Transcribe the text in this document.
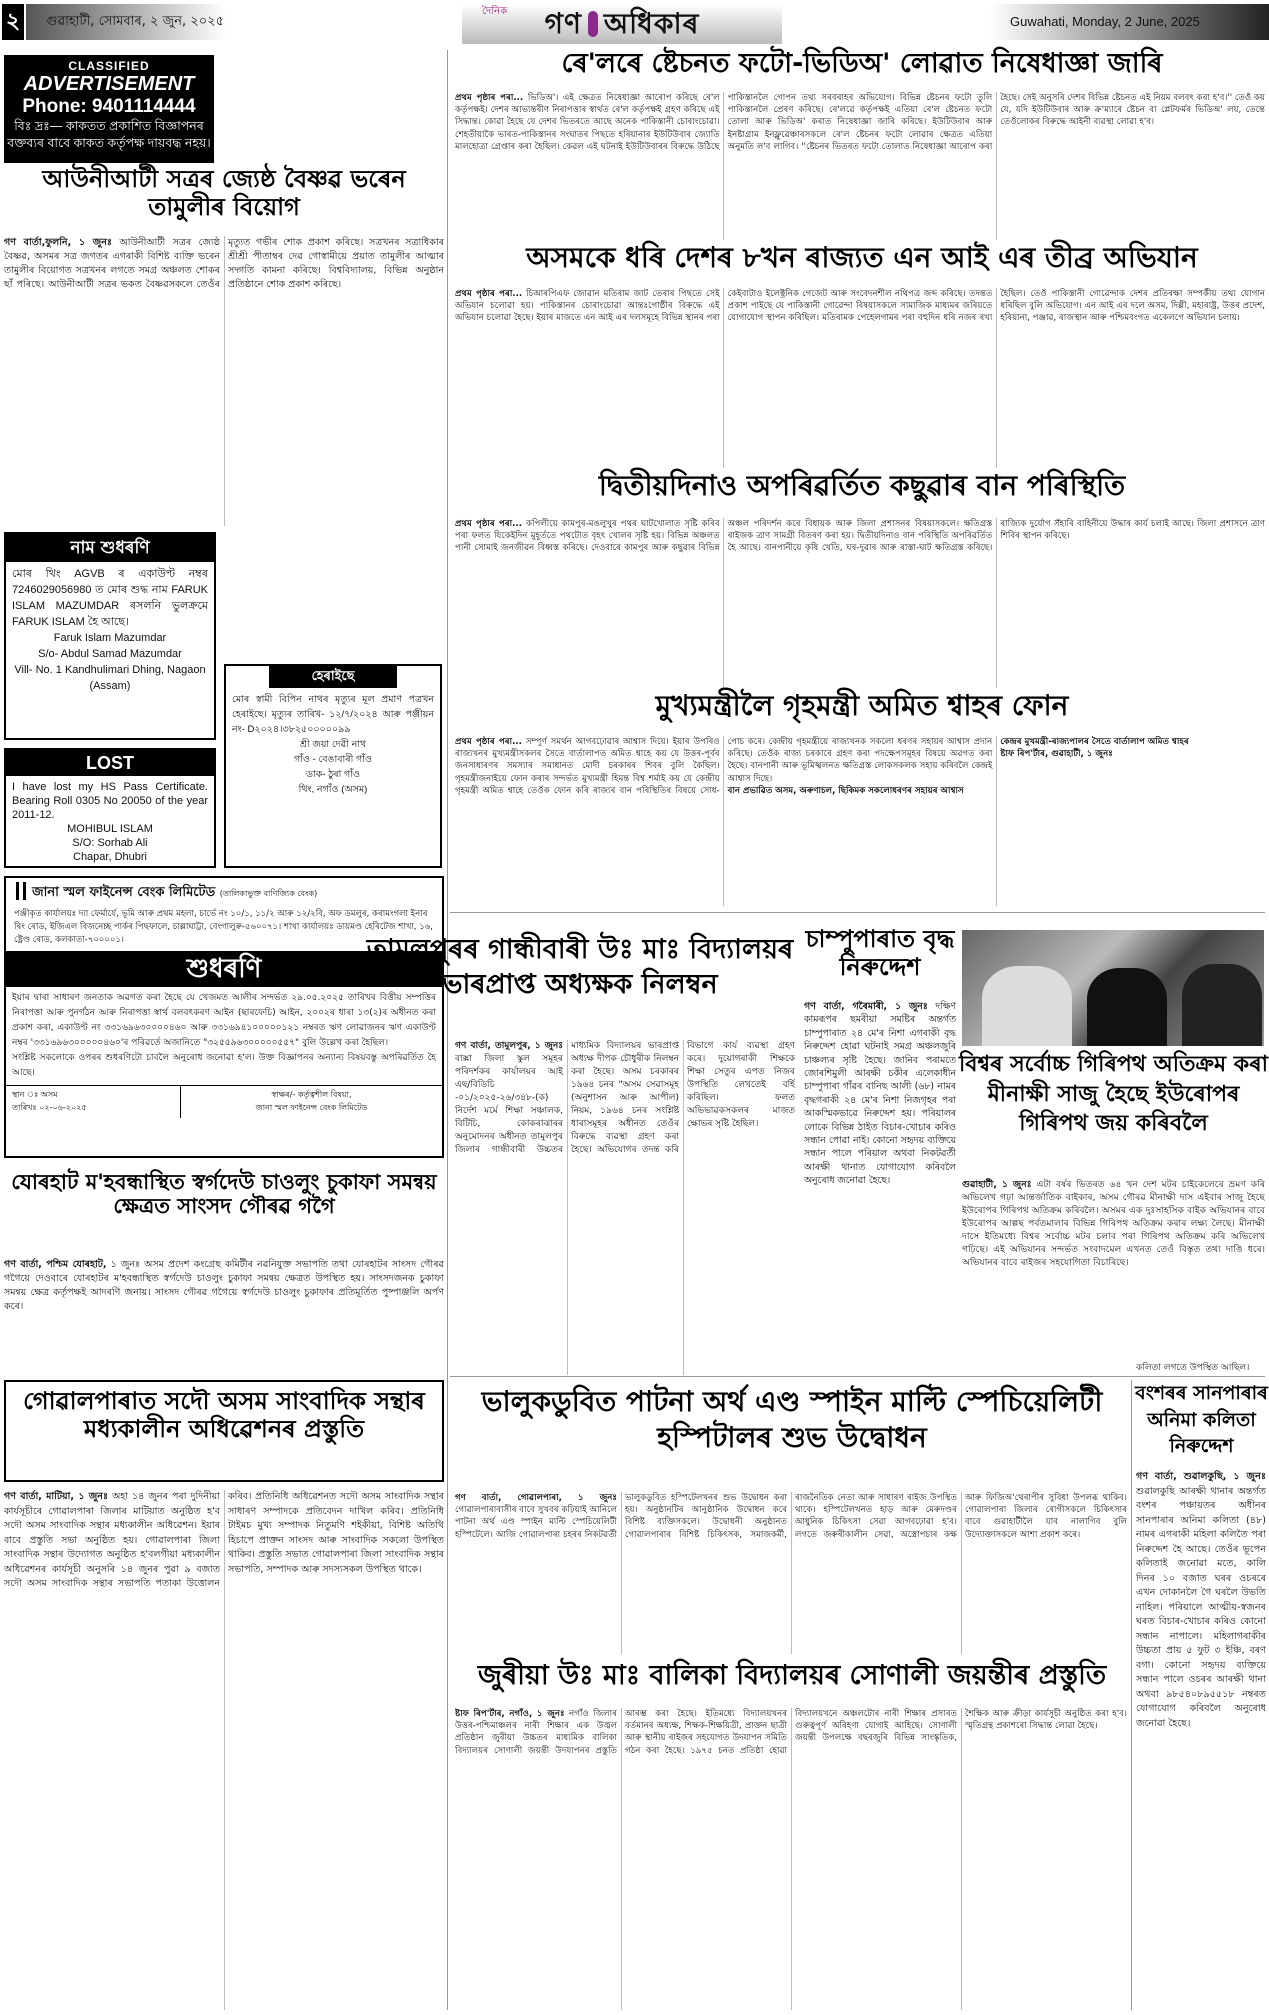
২	গুৱাহাটী, সোমবাৰ, ২ জুন, ২০২৫
দৈনিক গণ অধিকাৰ	Guwahati, Monday, 2 June, 2025
CLASSIFIED
ADVERTISEMENT
Phone: 9401114444
বিঃ দ্ৰঃ— কাকতত প্ৰকাশিত বিজ্ঞাপনৰ বক্তব্যৰ বাবে কাকত কৰ্তৃপক্ষ দায়বদ্ধ নহয়।
আউনীআটী সত্ৰৰ জ্যেষ্ঠ বৈষ্ণৱ ভৰেন তামুলীৰ বিয়োগ
গণ বাৰ্তা,ফুলনি, ১ জুনঃ আউনীআটী সত্ৰৰ জ্যেষ্ঠ বৈষ্ণৱ, অসমৰ সত্ৰ জগতৰ এগৰাকী বিশিষ্ট ব্যক্তি ভৰেন তামুলীৰ বিয়োগত সত্ৰখনৰ লগতে সমগ্ৰ অঞ্চলত শোকৰ ছাঁ পৰিছে। আউনীআটী সত্ৰৰ ভকত বৈষ্ণৱসকলে তেওঁৰ মৃত্যুত গভীৰ শোক প্ৰকাশ কৰিছে। সত্ৰখনৰ সত্ৰাধিকাৰ শ্ৰীশ্ৰী পীতাম্বৰ দেৱ গোস্বামীয়ে প্ৰয়াত তামুলীৰ আত্মাৰ সদ্গতি কামনা কৰিছে। বিশ্ববিদ্যালয়, বিভিন্ন অনুষ্ঠান প্ৰতিষ্ঠানে শোক প্ৰকাশ কৰিছে।
নাম শুধৰণি
মোৰ থিং AGVB ৰ একাউণ্ট নম্বৰ 7246029056980 ত মোৰ শুদ্ধ নাম FARUK ISLAM MAZUMDAR ৰসলনি ভুলক্ৰমে FARUK ISLAM হৈ আছে।
Faruk Islam Mazumdar
S/o- Abdul Samad Mazumdar
Vill- No. 1 Kandhulimari Dhing, Nagaon (Assam)
LOST
I have lost my HS Pass Certificate. Bearing Roll 0305 No 20050 of the year 2011-12.
MOHIBUL ISLAM
S/O: Sorhab Ali
Chapar, Dhubri
হেৰাইছে
মোৰ স্বামী বিপিন নাথৰ মৃত্যুৰ মূল প্ৰমাণ পত্ৰখন হেৰাইছে। মৃত্যুৰ তাৰিখ- ১২/৭/২০২৪ আৰু পঞ্জীয়ন নং- D২০২৪।৩৮২৫০০০০০৯৯
শ্ৰী জয়া দেৱী নাথ
গাঁও - বেঙাবাৰী গাঁও
ডাক- ঠুৰা গাঁও
থিং, নগাঁও (অসম)
জানা স্মল ফাইনেন্স বেংক লিমিটেড (তালিকাভুক্ত বাণিজ্যিক বেংক)
পঞ্জীকৃত কাৰ্যালয়ঃ দ্যা ফেৰ্মাৰ্যে, ভূমি আৰু প্ৰথম মহলা, চাৰ্ভে নং ১০/১, ১১/২ আৰু ১২/২বি, অফ ডমলুৰ, কৰামংগলা ইনাৰ ৰিং ৰোড, ইজিএল বিজনেচ্ছ পাৰ্কৰ পিছফালে, চাল্লাঘাট্টা, বেংগালুৰু-৫৬০০৭১। শাখা কাৰ্যালয়ঃ ডায়মণ্ড হেৰিটেজ শাখা, ১৬, ষ্ট্ৰেণ্ড ৰোড, কলকাতা-৭০০০০১।
শুধৰণি
ইয়াৰ দ্বাৰা সাধাৰণ জনতাক অৱগত কৰা হৈছে যে খেজমত আলীৰ সন্দৰ্ভত ২৯.০৫.২০২৫ তাৰিখৰ বিত্তীয় সম্পত্তিৰ নিৰাপত্তা আৰু পুনৰ্গঠন আৰু নিৰাপত্তা স্বাৰ্থ বলবৎকৰণ আইন (ছাৰফেচি) আইন, ২০০২ৰ ধাৰা ১৩(২)ৰ অধীনত কৰা প্ৰকাশ কৰা, একাউণ্ট নং ৩৩১৬৯৬৩০০০০৪৬০ আৰু ৩৩১৬৯৪১০০০০০১২১ নম্বৰত ঋণ লোৱাজনৰ ঋণ একাউণ্ট নম্বৰ '৩৩১৬৯৬৩০০০০০৪৬০'ৰ পৰিৱৰ্তে অজানিতে "৩২৫৫৯৬৩০০০০০৫৫৭" বুলি উল্লেখ কৰা হৈছিল।
সংশ্লিষ্ট সকলোকে ওপৰৰ শুধৰণিটো চাবলৈ অনুৰোধ জনোৱা হ'ল। উক্ত বিজ্ঞাপনৰ অন্যান্য বিষয়বস্তু অপৰিৱৰ্তিত হৈ আছে।
স্থান ঃ অসম
তাৰিখঃ ০২-০৬-২০২৫

স্বাক্ষৰ/- কৰ্তৃত্বশীল বিষয়া,
জানা স্মল ফাইনেন্স বেংক লিমিটেড
যোৰহাট ম'হবন্ধাস্থিত স্বৰ্গদেউ চাওলুং চুকাফা সমন্বয় ক্ষেত্ৰত সাংসদ গৌৰৱ গগৈ
গণ বাৰ্তা, পশ্চিম যোৰহাট, ১ জুনঃ অসম প্ৰদেশ কংগ্ৰেছ কমিটীৰ নৱনিযুক্ত সভাপতি তথা যোৰহাটৰ সাংসদ গৌৰৱ গগৈয়ে দেওবাৰে যোৰহাটৰ ম'হবন্ধাস্থিত স্বৰ্গদেউ চাওলুং চুকাফা সমন্বয় ক্ষেত্ৰত উপস্থিত হয়। সাংসদজনক চুকাফা সমন্বয় ক্ষেত্ৰ কৰ্তৃপক্ষই আদৰণি জনায়। সাংসদ গৌৰৱ গগৈয়ে স্বৰ্গদেউ চাওলুং চুকাফাৰ প্ৰতিমূৰ্তিত পুষ্পাঞ্জলি অৰ্পণ কৰে।
গোৱালপাৰাত সদৌ অসম সাংবাদিক সন্থাৰ মধ্যকালীন অধিৱেশনৰ প্ৰস্তুতি
গণ বাৰ্তা, মাটিয়া, ১ জুনঃ অহা ১৪ জুনৰ পৰা দুদিনীয়া কাৰ্যসূচীৰে গোৱালপাৰা জিলাৰ মাটিয়াত অনুষ্ঠিত হ'ব সদৌ অসম সাংবাদিক সন্থাৰ মধ্যকালীন অধিৱেশন। ইয়াৰ বাবে প্ৰস্তুতি সভা অনুষ্ঠিত হয়। গোৱালপাৰা জিলা সাংবাদিক সন্থাৰ উদ্যোগত অনুষ্ঠিত হ'বলগীয়া মধ্যকালীন অধিৱেশনৰ কাৰ্যসূচী অনুসৰি ১৪ জুনৰ পুৱা ৯ বজাত সদৌ অসম সাংবাদিক সন্থাৰ সভাপতি পতাকা উত্তোলন কৰিব। প্ৰতিনিধি অধিৱেশনত সদৌ অসম সাংবাদিক সন্থাৰ সাধাৰণ সম্পাদকে প্ৰতিবেদন দাখিল কৰিব। প্ৰতিনিধি টাইমচ মুখ্য সম্পাদক নিতুমণি শইকীয়া, বিশিষ্ট অতিথি হিচাপে প্ৰাক্তন সাংসদ আৰু সাংবাদিক সকলো উপস্থিত থাকিব। প্ৰস্তুতি সভাত গোৱালপাৰা জিলা সাংবাদিক সন্থাৰ সভাপতি, সম্পাদক আৰু সদস্যসকল উপস্থিত থাকে।
ৰে'লৰে ষ্টেচনত ফটো-ভিডিঅ' লোৱাত নিষেধাজ্ঞা জাৰি
প্ৰথম পৃষ্ঠাৰ পৰা... ভিডিঅ'। এই ক্ষেত্ৰত নিষেধাজ্ঞা আৰোপ কৰিছে ৰে'ল কৰ্তৃপক্ষই। দেশৰ আভ্যন্তৰীণ নিৰাপত্তাৰ স্বাৰ্থত ৰে'ল কৰ্তৃপক্ষই গ্ৰহণ কৰিছে এই সিদ্ধান্ত। কোৱা হৈছে যে দেশৰ ভিতৰতে আছে অনেক পাকিস্তানী চোৰাংচোৱা। শেহতীয়াকৈ ভাৰত-পাকিস্তানৰ সংঘাতৰ পিছতে হৰিয়ানাৰ ইউটিউবাৰ জ্যোতি মালহোত্ৰা গ্ৰেপ্তাৰ কৰা হৈছিল। কেৱল এই ঘটনাই ইউটিউবাৰৰ বিৰুদ্ধে উঠিছে পাকিস্তানলৈ গোপন তথ্য সৰবৰাহৰ অভিযোগ। বিভিন্ন ষ্টেচনৰ ফটো তুলি পাকিস্তানলৈ প্ৰেৰণ কৰিছে। ৰে'লৱে কৰ্তৃপক্ষই এতিয়া ৰে'ল ষ্টেচনত ফটো তোলা আৰু ভিডিঅ' কৰাত নিষেধাজ্ঞা জাৰি কৰিছে। ইউটিউবাৰ আৰু ইনষ্টাগ্ৰাম ইনফ্লুৱেঞ্চাৰসকলে ৰে'ল ষ্টেচনৰ ফটো লোৱাৰ ক্ষেত্ৰত এতিয়া অনুমতি ল'ব লাগিব। ''ষ্টেচনৰ ভিতৰত ফটো তোলাত নিষেধাজ্ঞা আৰোপ কৰা হৈছে। সেই অনুসৰি দেশৰ বিভিন্ন ষ্টেচনত এই নিয়ম বলবৎ কৰা হ'ব।'' তেওঁ কয় যে, যদি ইউটিউবাৰ আৰু ক্ৰ'ম্যাৰে ষ্টেচন বা প্লেটফৰ্মৰ ভিডিঅ' লয়, তেন্তে তেওঁলোকৰ বিৰুদ্ধে আইনী ব্যৱস্থা লোৱা হ'ব।
অসমকে ধৰি দেশৰ ৮খন ৰাজ্যত এন আই এৰ তীব্ৰ অভিযান
প্ৰথম পৃষ্ঠাৰ পৰা... চিআৰপিএফ জোৱান মতিৰাম জাট তেৰাৰ পিছতে সেই অভিযান চলোৱা হয়। পাকিস্তানৰ চোৰাংচোৱা আন্তঃগোষ্ঠীৰ বিৰুদ্ধে এই অভিযান চলোৱা হৈছে। ইয়াৰ মাজতে এন আই এৰ দলসমূহে বিভিন্ন স্থানৰ পৰা কেইবাটাও ইলেক্ট্ৰনিক গেজেট আৰু সংবেদনশীল নথিপত্ৰ জব্দ কৰিছে। তদন্তত প্ৰকাশ পাইছে যে পাকিস্তানী গোৱেন্দা বিষয়াসকলে সামাজিক মাধ্যমৰ জৰিয়তে যোগাযোগ স্থাপন কৰিছিল। মতিৰামক পেহেলগামৰ পৰা বহুদিন ধৰি নজৰ ৰখা হৈছিল। তেওঁ পাকিস্তানী গোৱেন্দাক দেশৰ প্ৰতিৰক্ষা সম্পৰ্কীয় তথ্য যোগান ধৰিছিল বুলি অভিযোগ। এন আই এৰ দলে অসম, দিল্লী, মহাৰাষ্ট্ৰ, উত্তৰ প্ৰদেশ, হৰিয়ানা, পঞ্জাৱ, ৰাজস্থান আৰু পশ্চিমবংগত একেলগে অভিযান চলায়।
দ্বিতীয়দিনাও অপৰিৱৰ্তিত কছুৱাৰ বান পৰিস্থিতি
প্ৰথম পৃষ্ঠাৰ পৰা... কপিলীয়ে কামপুৰ-মঙলুখুৰ পথৰ ঘাটখোলাত সৃষ্টি কৰিব পৰা ফলত যিকেইদিন মুহূৰ্ততে পথটোত বৃহৎ খোলৰ সৃষ্টি হয়। বিভিন্ন অঞ্চলত পানী সোমাই জনজীৱন বিধ্বস্ত কৰিছে। দেওবাৰে কামপুৰ আৰু কছুৱাৰ বিভিন্ন অঞ্চল পৰিদৰ্শন কৰে বিধায়ক আৰু জিলা প্ৰশাসনৰ বিষয়াসকলে। ক্ষতিগ্ৰস্ত ৰাইজক ত্ৰাণ সামগ্ৰী বিতৰণ কৰা হয়। দ্বিতীয়দিনাও বান পৰিস্থিতি অপৰিৱৰ্তিত হৈ আছে। বানপানীয়ে কৃষি খেতি, ঘৰ-দুৱাৰ আৰু ৰাস্তা-ঘাট ক্ষতিগ্ৰস্ত কৰিছে। ৰাজ্যিক দুৰ্যোগ সঁহাৰি বাহিনীয়ে উদ্ধাৰ কাৰ্য চলাই আছে। জিলা প্ৰশাসনে ত্ৰাণ শিবিৰ স্থাপন কৰিছে।
মুখ্যমন্ত্ৰীলৈ গৃহমন্ত্ৰী অমিত শ্বাহৰ ফোন
প্ৰথম পৃষ্ঠাৰ পৰা... সম্পূৰ্ণ সমৰ্থন আগবঢ়োৱাৰ আশ্বাস দিয়ে। ইয়াৰ উপৰিও ৰাজ্যখনৰ মুখ্যমন্ত্ৰীসকলৰ সৈতে বাৰ্তালাপত অমিত শ্বাহে কয় যে উত্তৰ-পূৰ্বৰ জনসাধাৰণৰ সমস্যাৰ সমাধানত মোদী চৰকাৰৰ শিবৰ বুলি কৈছিল। গৃহমন্ত্ৰীজনাইয়ে ফোন কৰাৰ সন্দৰ্ভত মুখ্যমন্ত্ৰী হিমন্ত বিশ্ব শৰ্মাই কয় যে কেন্দ্ৰীয় গৃহমন্ত্ৰী অমিত শ্বাহে তেওঁক ফোন কৰি ৰাজ্যৰ বান পৰিস্থিতিৰ বিষয়ে সোধ-পোচ কৰে। কেন্দ্ৰীয় গৃহমন্ত্ৰীয়ে ৰাজ্যখনক সকলো ধৰণৰ সহায়ৰ আশ্বাস প্ৰদান কৰিছে। তেওঁক ৰাজ্য চৰকাৰে গ্ৰহণ কৰা পদক্ষেপসমূহৰ বিষয়ে অৱগত কৰা হৈছে। বানপানী আৰু ভূমিস্খলনত ক্ষতিগ্ৰস্ত লোকসকলক সহায় কৰিবলৈ কেন্দ্ৰই আশ্বাস দিছে।
বান প্ৰভাৱিত অসম, অৰুণাচল, ছিকিমক সকলোধৰণৰ সহায়ৰ আশ্বাস
কেন্দ্ৰৰ মুখমন্ত্ৰী-ৰাজ্যপালৰ সৈতে বাৰ্তালাপ অমিত শ্বাহৰ
ষ্টাফ ৰিপ'ৰ্টাৰ, গুৱাহাটী, ১ জুনঃ
তামুলপুৰৰ গান্ধীবাৰী উঃ মাঃ বিদ্যালয়ৰ ভাৰপ্ৰাপ্ত অধ্যক্ষক নিলম্বন
গণ বাৰ্তা, তামুলপুৰ, ১ জুনঃ বাক্সা জিলা স্কুল সমূহৰ পৰিদৰ্শকৰ কাৰ্যালয়ৰ আই এছ/বিডিচি -০১/২০২৫-২৬/৩৪৮-(ক) নিৰ্দেশ মৰ্মে শিক্ষা সঞ্চালক, বিটিচি, কোকৰাঝাৰৰ অনুমোদনৰ অধীনত তামুলপুৰ জিলাৰ গান্ধীবাৰী উচ্চতৰ মাধ্যমিক বিদ্যালয়ৰ ভাৰপ্ৰাপ্ত অধ্যক্ষ দীপক চৌধুৰীক নিলম্বন কৰা হৈছে। অসম চৰকাৰৰ ১৯৬৪ চনৰ "অসম সেৱাসমূহ (অনুশাসন আৰু আপীল) নিয়ম, ১৯৬৪ চনৰ সংশ্লিষ্ট ধাৰাসমূহৰ অধীনত তেওঁৰ বিৰুদ্ধে ব্যৱস্থা গ্ৰহণ কৰা হৈছে। অভিযোগৰ তদন্ত কৰি বিভাগে কাৰ্য ব্যৱস্থা গ্ৰহণ কৰে। দুয়োগৰাকী শিক্ষকে শিক্ষা সেতুৰ এপত নিজৰ উপস্থিতি লেখতেই বৰ্হি কৰিছিল। ফলত অভিভাৱকসকলৰ মাজত ক্ষোভৰ সৃষ্টি হৈছিল।
চাম্পুপাৰাত বৃদ্ধ নিৰুদ্দেশ
গণ বাৰ্তা, গৰৈমাৰী, ১ জুনঃ দক্ষিণ কামৰূপৰ ছমৰীয়া সমষ্টিৰ অন্তৰ্গত চাম্পুপাৰাত ২৪ মে'ৰ নিশা এগৰাকী বৃদ্ধ নিৰুদ্দেশ হোৱা ঘটনাই সমগ্ৰ অঞ্চলজুৰি চাঞ্চল্যৰ সৃষ্টি হৈছে। জানিব পৰামতে জোৰশিমুলী আৰক্ষী চকীৰ এলেকাধীন চাম্পুপাৰা গাঁৱৰ বানিছ আলী (৬৮) নামৰ বৃদ্ধগৰাকী ২৪ মে'ৰ নিশা নিজগৃহৰ পৰা আকস্মিকভাৱে নিৰুদ্দেশ হয়। পৰিয়ালৰ লোকে বিভিন্ন ঠাইত বিচাৰ-খোচাৰ কৰিও সন্ধান পোৱা নাই। কোনো সহৃদয় ব্যক্তিয়ে সন্ধান পালে পৰিয়াল অথবা নিকটৱৰ্তী আৰক্ষী থানাত যোগাযোগ কৰিবলৈ অনুৰোধ জনোৱা হৈছে।
বিশ্বৰ সৰ্বোচ্চ গিৰিপথ অতিক্ৰম কৰা মীনাক্ষী সাজু হৈছে ইউৰোপৰ গিৰিপথ জয় কৰিবলৈ
গুৱাহাটী, ১ জুনঃ এটা বৰ্ষৰ ভিতৰত ৬৪ খন দেশ মটৰ চাইকেলেৰে ভ্ৰমণ কৰি অভিলেখ গঢ়া আন্তৰ্জাতিক বাইকাৰ, অসম গৌৰৱ মীনাক্ষী দাস এইবাৰ সাজু হৈছে ইউৰোপৰ গিৰিপথ অতিক্ৰম কৰিবলৈ। অসমৰ এক দুঃসাহসিক বাইক অভিযানৰ বাবে ইউৰোপৰ আল্পছ পৰ্বতমালাৰ বিভিন্ন গিৰিপথ অতিক্ৰম কৰাৰ লক্ষ্য লৈছে। মীনাক্ষী দাসে ইতিমধ্যে বিশ্বৰ সৰ্বোচ্চ মটৰ চলাব পৰা গিৰিপথ অতিক্ৰম কৰি অভিলেখ গঢ়িছে। এই অভিযানৰ সন্দৰ্ভত সংবাদমেল এখনত তেওঁ বিস্তৃত তথ্য দাঙি ধৰে। অভিযানৰ বাবে ৰাইজৰ সহযোগিতা বিচাৰিছে।
ভালুকডুবিত পাটনা অৰ্থ এণ্ড স্পাইন মাল্টি স্পেচিয়েলিটী হস্পিটালৰ শুভ উদ্বোধন
গণ বাৰ্তা, গোৱালপাৰা, ১ জুনঃ গোৱালপাৰাবাসীৰ বাবে সুখবৰ কঢ়িয়াই আনিলে পাটনা অৰ্থ এণ্ড স্পাইন মাল্টি স্পেচিয়েলিটী হস্পিটেলে। আজি গোৱালপাৰা চহৰৰ নিকটৱৰ্তী ভালুকডুবিত হস্পিটেলখনৰ শুভ উদ্বোধন কৰা হয়। অনুষ্ঠানটিৰ আনুষ্ঠানিক উদ্বোধন কৰে বিশিষ্ট ব্যক্তিসকলে। উদ্বোধনী অনুষ্ঠানত গোৱালপাৰাৰ বিশিষ্ট চিকিৎসক, সমাজকৰ্মী, ৰাজনৈতিক নেতা আৰু সাধাৰণ ৰাইজ উপস্থিত থাকে। হস্পিটেলখনত হাড় আৰু মেৰুদণ্ডৰ আধুনিক চিকিৎসা সেৱা আগবঢ়োৱা হ'ব। লগতে জৰুৰীকালীন সেৱা, অস্ত্ৰোপচাৰ কক্ষ আৰু ফিজিঅ'থেৰাপীৰ সুবিধা উপলব্ধ থাকিব। গোৱালপাৰা জিলাৰ ৰোগীসকলে চিকিৎসাৰ বাবে গুৱাহাটীলৈ যাব নালাগিব বুলি উদ্যোক্তাসকলে আশা প্ৰকাশ কৰে।
জুৰীয়া উঃ মাঃ বালিকা বিদ্যালয়ৰ সোণালী জয়ন্তীৰ প্ৰস্তুতি
ষ্টাফ ৰিপ'ৰ্টাৰ, নগাঁও, ১ জুনঃ নগাঁও জিলাৰ উত্তৰ-পশ্চিমাঞ্চলৰ নাৰী শিক্ষাৰ এক উজ্বল প্ৰতিষ্ঠান জুৰীয়া উচ্চতৰ মাধ্যমিক বালিকা বিদ্যালয়ৰ সোণালী জয়ন্তী উদযাপনৰ প্ৰস্তুতি আৰম্ভ কৰা হৈছে। ইতিমধ্যে বিদ্যালয়খনৰ বৰ্তমানৰ অধ্যক্ষ, শিক্ষক-শিক্ষয়িত্ৰী, প্ৰাক্তন ছাত্ৰী আৰু স্থানীয় ৰাইজৰ সহযোগত উদযাপন সমিতি গঠন কৰা হৈছে। ১৯৭৫ চনত প্ৰতিষ্ঠা হোৱা বিদ্যালয়খনে অঞ্চলটোৰ নাৰী শিক্ষাৰ প্ৰসাৰত গুৰুত্বপূৰ্ণ অৰিহণা যোগাই আহিছে। সোণালী জয়ন্তী উপলক্ষে বছৰজুৰি বিভিন্ন সাংস্কৃতিক, শৈক্ষিক আৰু ক্ৰীড়া কাৰ্যসূচী অনুষ্ঠিত কৰা হ'ব। স্মৃতিগ্ৰন্থ প্ৰকাশৰো সিদ্ধান্ত লোৱা হৈছে।
কলিতা লগতে উপস্থিত আছিল।
বংশৰৰ সানপাৰাৰ অনিমা কলিতা নিৰুদ্দেশ
গণ বাৰ্তা, শুৱালকুছি, ১ জুনঃ শুৱালকুছি আৰক্ষী থানাৰ অন্তৰ্গত বংশৰ পঞ্চায়তৰ অধীনৰ সানপাৰাৰ অনিমা কলিতা (৪৮) নামৰ এগৰাকী মহিলা কলিতৈ পৰা নিৰুদ্দেশ হৈ আছে। তেওঁৰ ভূপেন কলিতাই জনোৱা মতে, কালি দিনৰ ১০ বজাত ঘৰৰ ওচৰৰে এখন দোকানলৈ গৈ ঘৰলৈ উভতি নাহিল। পৰিয়ালে আত্মীয়-স্বজনৰ ঘৰত বিচাৰ-খোচাৰ কৰিও কোনো সন্ধান নাপালে। মহিলাগৰাকীৰ উচ্চতা প্ৰায় ৫ ফুট ৩ ইঞ্চি, বৰণ বগা। কোনো সহৃদয় ব্যক্তিয়ে সন্ধান পালে ওচৰৰ আৰক্ষী থানা অথবা ৯৮৫৪০৮৯৫৫১৮ নম্বৰত যোগাযোগ কৰিবলৈ অনুৰোধ জনোৱা হৈছে।
